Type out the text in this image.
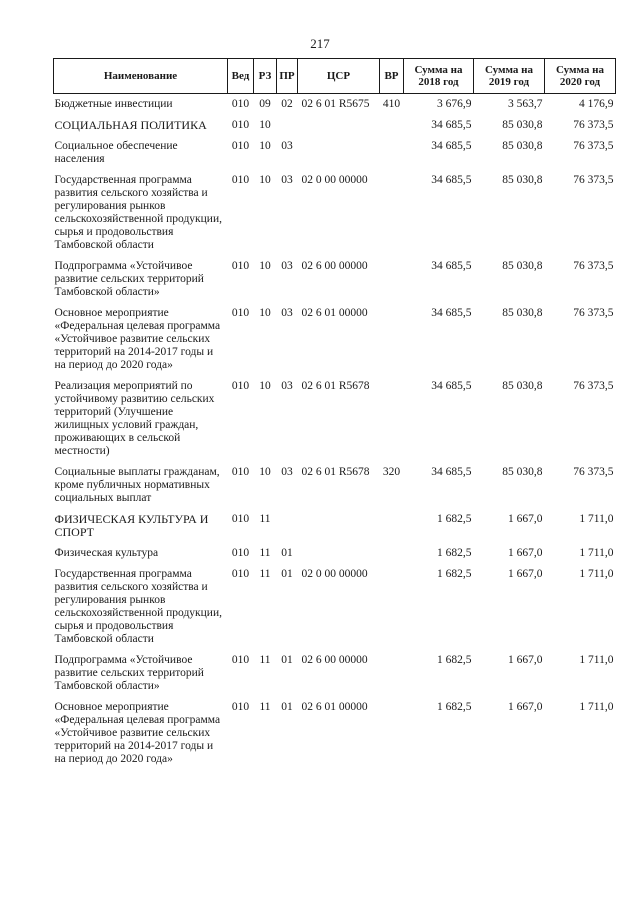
217
Наименование	Вед	РЗ	ПР	ЦСР	ВР	Сумма на 2018 год	Сумма на 2019 год	Сумма на 2020 год
Бюджетные инвестиции	010	09	02	02 6 01 R5675	410	3 676,9	3 563,7	4 176,9
СОЦИАЛЬНАЯ ПОЛИТИКА	010	10				34 685,5	85 030,8	76 373,5
Социальное обеспечение населения	010	10	03			34 685,5	85 030,8	76 373,5
Государственная программа развития сельского хозяйства и регулирования рынков сельскохозяйственной продукции, сырья и продовольствия Тамбовской области	010	10	03	02 0 00 00000		34 685,5	85 030,8	76 373,5
Подпрограмма «Устойчивое развитие сельских территорий Тамбовской области»	010	10	03	02 6 00 00000		34 685,5	85 030,8	76 373,5
Основное мероприятие «Федеральная целевая программа «Устойчивое развитие сельских территорий на 2014-2017 годы и на период до 2020 года»	010	10	03	02 6 01 00000		34 685,5	85 030,8	76 373,5
Реализация мероприятий по устойчивому развитию сельских территорий (Улучшение жилищных условий граждан, проживающих в сельской местности)	010	10	03	02 6 01 R5678		34 685,5	85 030,8	76 373,5
Социальные выплаты гражданам, кроме публичных нормативных социальных выплат	010	10	03	02 6 01 R5678	320	34 685,5	85 030,8	76 373,5
ФИЗИЧЕСКАЯ КУЛЬТУРА И СПОРТ	010	11				1 682,5	1 667,0	1 711,0
Физическая культура	010	11	01			1 682,5	1 667,0	1 711,0
Государственная программа развития сельского хозяйства и регулирования рынков сельскохозяйственной продукции, сырья и продовольствия Тамбовской области	010	11	01	02 0 00 00000		1 682,5	1 667,0	1 711,0
Подпрограмма «Устойчивое развитие сельских территорий Тамбовской области»	010	11	01	02 6 00 00000		1 682,5	1 667,0	1 711,0
Основное мероприятие «Федеральная целевая программа «Устойчивое развитие сельских территорий на 2014-2017 годы и на период до 2020 года»	010	11	01	02 6 01 00000		1 682,5	1 667,0	1 711,0
